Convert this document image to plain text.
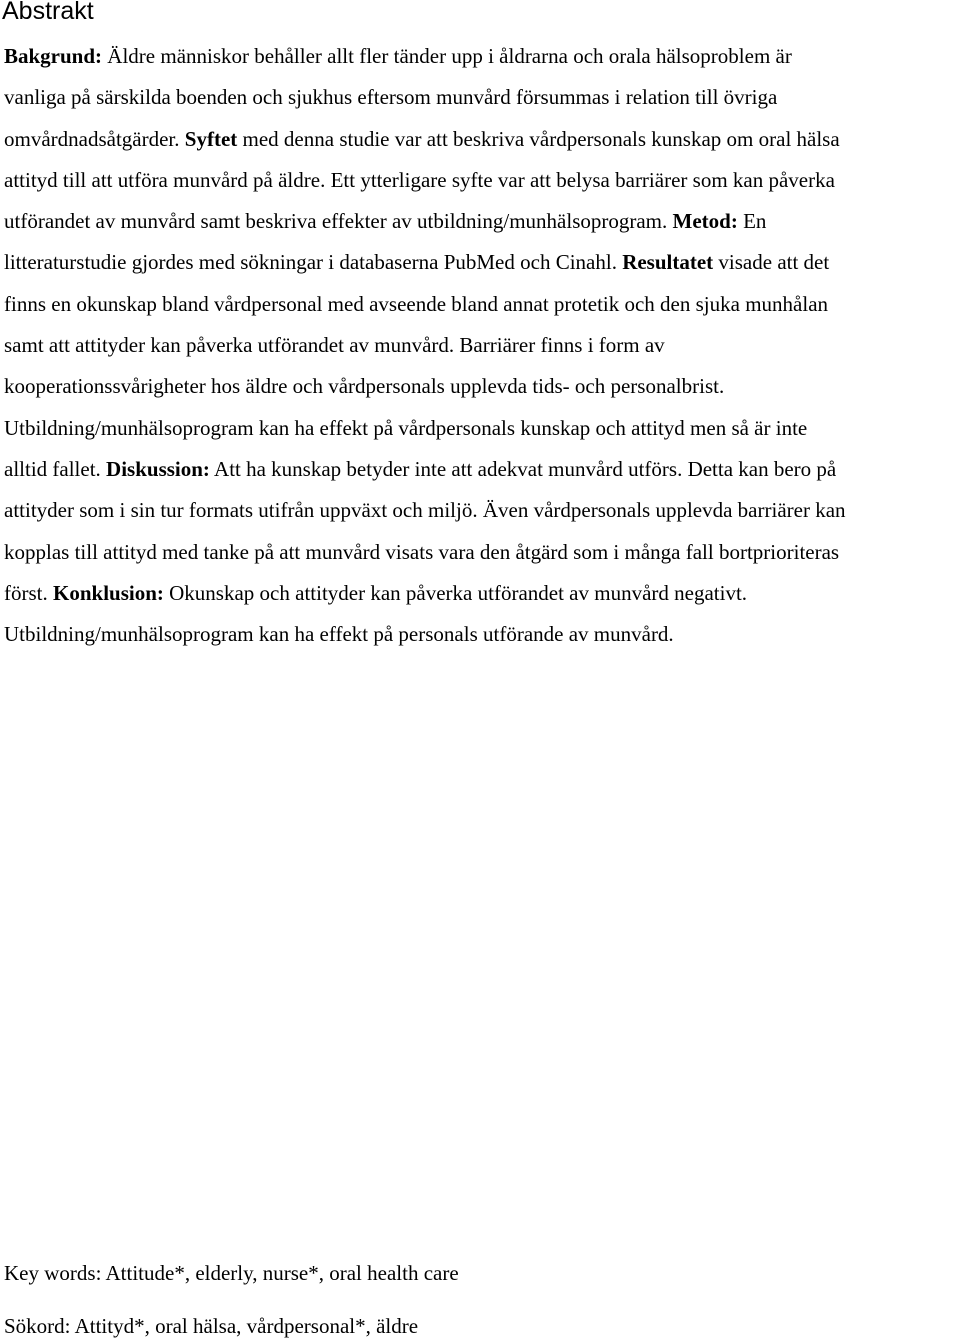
Abstrakt
Bakgrund: Äldre människor behåller allt fler tänder upp i åldrarna och orala hälsoproblem är
vanliga på särskilda boenden och sjukhus eftersom munvård försummas i relation till övriga
omvårdnadsåtgärder. Syftet med denna studie var att beskriva vårdpersonals kunskap om oral hälsa
attityd till att utföra munvård på äldre. Ett ytterligare syfte var att belysa barriärer som kan påverka
utförandet av munvård samt beskriva effekter av utbildning/munhälsoprogram. Metod: En
litteraturstudie gjordes med sökningar i databaserna PubMed och Cinahl. Resultatet visade att det
finns en okunskap bland vårdpersonal med avseende bland annat protetik och den sjuka munhålan
samt att attityder kan påverka utförandet av munvård. Barriärer finns i form av
kooperationssvårigheter hos äldre och vårdpersonals upplevda tids- och personalbrist.
Utbildning/munhälsoprogram kan ha effekt på vårdpersonals kunskap och attityd men så är inte
alltid fallet. Diskussion: Att ha kunskap betyder inte att adekvat munvård utförs. Detta kan bero på
attityder som i sin tur formats utifrån uppväxt och miljö. Även vårdpersonals upplevda barriärer kan
kopplas till attityd med tanke på att munvård visats vara den åtgärd som i många fall bortprioriteras
först. Konklusion: Okunskap och attityder kan påverka utförandet av munvård negativt.
Utbildning/munhälsoprogram kan ha effekt på personals utförande av munvård.

Key words: Attitude*, elderly, nurse*, oral health care

Sökord: Attityd*, oral hälsa, vårdpersonal*, äldre
